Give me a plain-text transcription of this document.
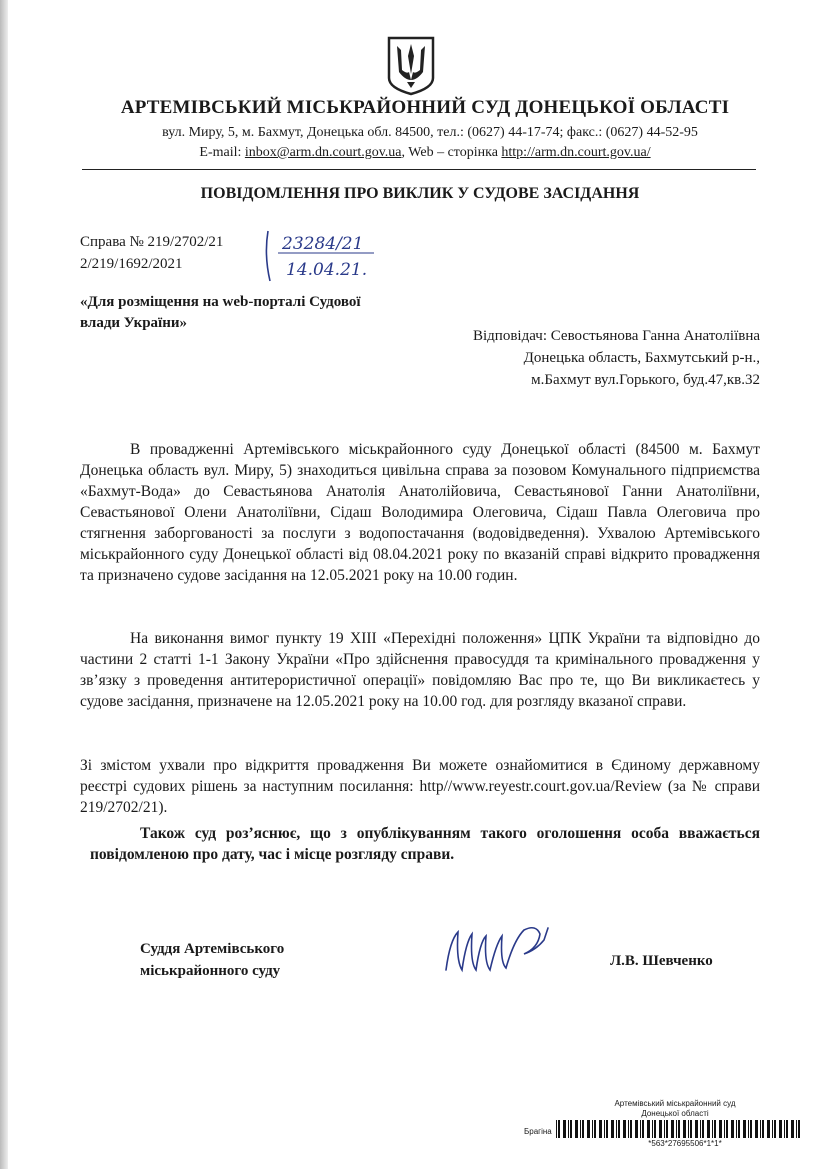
АРТЕМІВСЬКИЙ МІСЬКРАЙОННИЙ СУД ДОНЕЦЬКОЇ ОБЛАСТІ
вул. Миру, 5, м. Бахмут, Донецька обл. 84500, тел.: (0627) 44-17-74; факс.: (0627) 44-52-95
E-mail: inbox@arm.dn.court.gov.ua, Web – сторінка http://arm.dn.court.gov.ua/
ПОВІДОМЛЕННЯ ПРО ВИКЛИК У СУДОВЕ ЗАСІДАННЯ
Справа № 219/2702/21
2/219/1692/2021
23284/21
14.04.21.
«Для розміщення на web-порталі Судової влади України»
Відповідач: Севостьянова Ганна Анатоліївна
Донецька область, Бахмутський р-н.,
м.Бахмут вул.Горького, буд.47,кв.32
В провадженні Артемівського міськрайонного суду Донецької області (84500 м. Бахмут Донецька область вул. Миру, 5) знаходиться цивільна справа за позовом Комунального підприємства «Бахмут-Вода» до Севастьянова Анатолія Анатолійовича, Севастьянової Ганни Анатоліївни, Севастьянової Олени Анатоліївни, Сідаш Володимира Олеговича, Сідаш Павла Олеговича про стягнення заборгованості за послуги з водопостачання (водовідведення). Ухвалою Артемівського міськрайонного суду Донецької області від 08.04.2021 року по вказаній справі відкрито провадження та призначено судове засідання на 12.05.2021 року на 10.00 годин.
На виконання вимог пункту 19 XIII «Перехідні положення» ЦПК України та відповідно до частини 2 статті 1-1 Закону України «Про здійснення правосуддя та кримінального провадження у зв’язку з проведення антитерористичної операції» повідомляю Вас про те, що Ви викликаєтесь у судове засідання, призначене на 12.05.2021 року на 10.00 год. для розгляду вказаної справи.
Зі змістом ухвали про відкриття провадження Ви можете ознайомитися в Єдиному державному реєстрі судових рішень за наступним посилання: http//www.reyestr.court.gov.ua/Review (за № справи 219/2702/21).
Також суд роз’яснює, що з опублікуванням такого оголошення особа вважається повідомленою про дату, час і місце розгляду справи.
Суддя Артемівського
міськрайонного суду
Л.В. Шевченко
Артемівський міськрайонний суд
Донецької області
Брагіна
*563*27695506*1*1*
